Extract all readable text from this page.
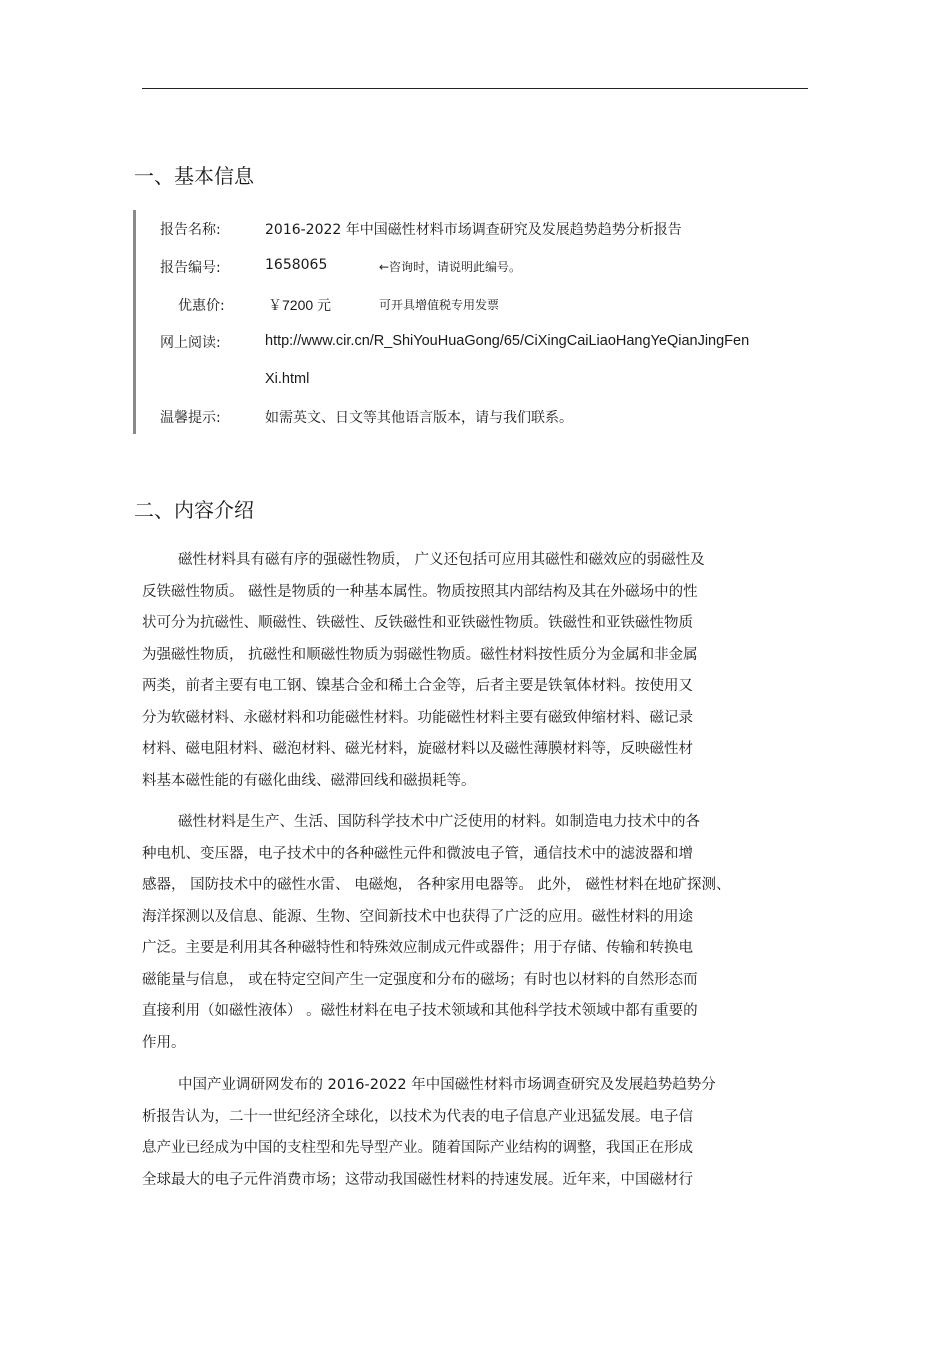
一、基本信息
报告名称:	2016-2022 年中国磁性材料市场调查研究及发展趋势趋势分析报告
报告编号:	1658065	←咨询时，请说明此编号。
优惠价:	￥7200 元	可开具增值税专用发票
网上阅读:	http://www.cir.cn/R_ShiYouHuaGong/65/CiXingCaiLiaoHangYeQianJingFen
Xi.html
温馨提示:	如需英文、日文等其他语言版本，请与我们联系。
二、内容介绍
磁性材料具有磁有序的强磁性物质， 广义还包括可应用其磁性和磁效应的弱磁性及
反铁磁性物质。 磁性是物质的一种基本属性。物质按照其内部结构及其在外磁场中的性
状可分为抗磁性、顺磁性、铁磁性、反铁磁性和亚铁磁性物质。铁磁性和亚铁磁性物质
为强磁性物质， 抗磁性和顺磁性物质为弱磁性物质。磁性材料按性质分为金属和非金属
两类，前者主要有电工钢、镍基合金和稀土合金等，后者主要是铁氧体材料。按使用又
分为软磁材料、永磁材料和功能磁性材料。功能磁性材料主要有磁致伸缩材料、磁记录
材料、磁电阻材料、磁泡材料、磁光材料，旋磁材料以及磁性薄膜材料等，反映磁性材
料基本磁性能的有磁化曲线、磁滞回线和磁损耗等。
磁性材料是生产、生活、国防科学技术中广泛使用的材料。如制造电力技术中的各
种电机、变压器，电子技术中的各种磁性元件和微波电子管，通信技术中的滤波器和增
感器， 国防技术中的磁性水雷、 电磁炮， 各种家用电器等。 此外， 磁性材料在地矿探测、
海洋探测以及信息、能源、生物、空间新技术中也获得了广泛的应用。磁性材料的用途
广泛。主要是利用其各种磁特性和特殊效应制成元件或器件；用于存储、传输和转换电
磁能量与信息， 或在特定空间产生一定强度和分布的磁场；有时也以材料的自然形态而
直接利用（如磁性液体） 。磁性材料在电子技术领域和其他科学技术领域中都有重要的
作用。
中国产业调研网发布的 2016-2022 年中国磁性材料市场调查研究及发展趋势趋势分
析报告认为，二十一世纪经济全球化，以技术为代表的电子信息产业迅猛发展。电子信
息产业已经成为中国的支柱型和先导型产业。随着国际产业结构的调整，我国正在形成
全球最大的电子元件消费市场；这带动我国磁性材料的持速发展。近年来，中国磁材行
